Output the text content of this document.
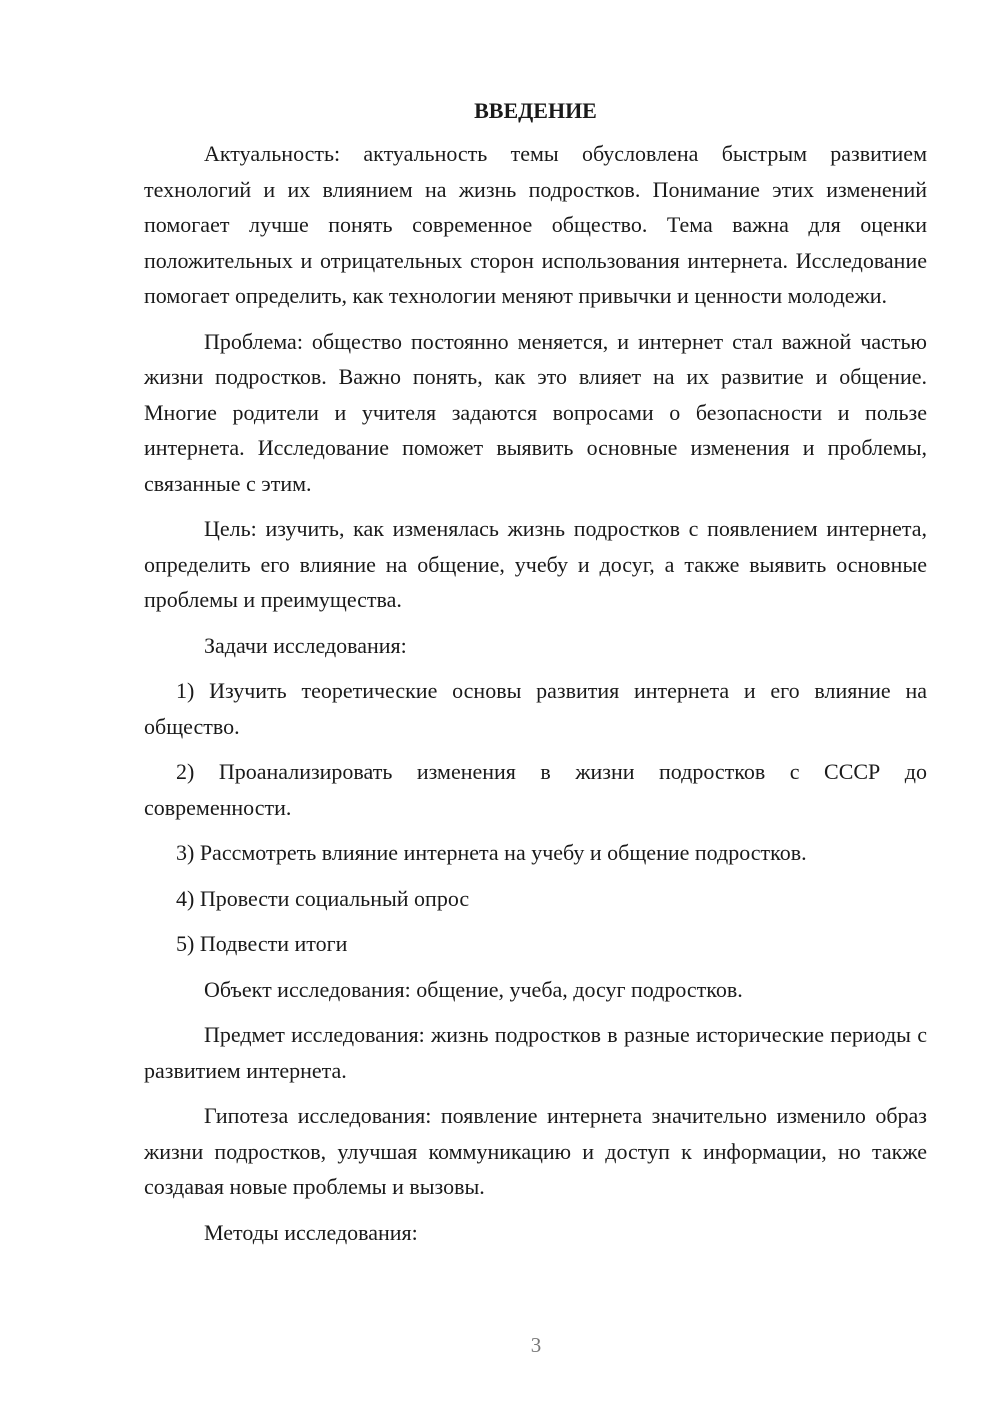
ВВЕДЕНИЕ

Актуальность: актуальность темы обусловлена быстрым развитием технологий и их влиянием на жизнь подростков. Понимание этих изменений помогает лучше понять современное общество. Тема важна для оценки положительных и отрицательных сторон использования интернета. Исследование помогает определить, как технологии меняют привычки и ценности молодежи.

Проблема: общество постоянно меняется, и интернет стал важной частью жизни подростков. Важно понять, как это влияет на их развитие и общение. Многие родители и учителя задаются вопросами о безопасности и пользе интернета. Исследование поможет выявить основные изменения и проблемы, связанные с этим.

Цель: изучить, как изменялась жизнь подростков с появлением интернета, определить его влияние на общение, учебу и досуг, а также выявить основные проблемы и преимущества.

Задачи исследования:

1) Изучить теоретические основы развития интернета и его влияние на общество.

2) Проанализировать изменения в жизни подростков с СССР до современности.

3) Рассмотреть влияние интернета на учебу и общение подростков.

4) Провести социальный опрос

5) Подвести итоги

Объект исследования: общение, учеба, досуг подростков.

Предмет исследования: жизнь подростков в разные исторические периоды с развитием интернета.

Гипотеза исследования: появление интернета значительно изменило образ жизни подростков, улучшая коммуникацию и доступ к информации, но также создавая новые проблемы и вызовы.

Методы исследования:

3
